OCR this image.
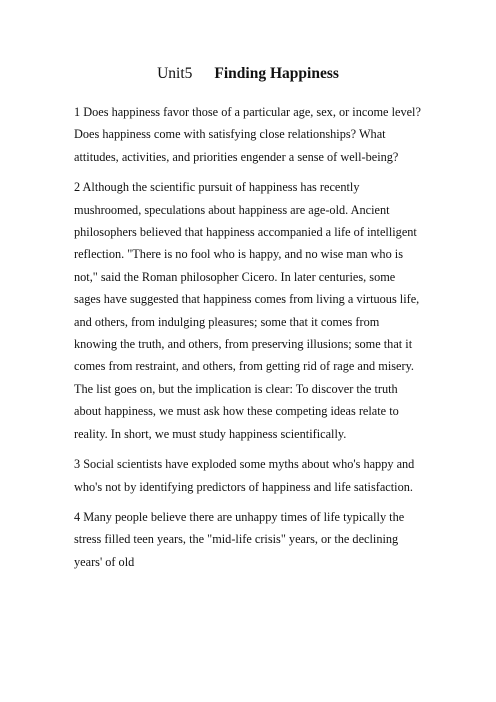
Unit5 Finding Happiness

1 Does happiness favor those of a particular age, sex, or income level? Does happiness come with satisfying close relationships? What attitudes, activities, and priorities engender a sense of well-being?

2 Although the scientific pursuit of happiness has recently mushroomed, speculations about happiness are age-old. Ancient philosophers believed that happiness accompanied a life of intelligent reflection. "There is no fool who is happy, and no wise man who is not," said the Roman philosopher Cicero. In later centuries, some sages have suggested that happiness comes from living a virtuous life, and others, from indulging pleasures; some that it comes from knowing the truth, and others, from preserving illusions; some that it comes from restraint, and others, from getting rid of rage and misery. The list goes on, but the implication is clear: To discover the truth about happiness, we must ask how these competing ideas relate to reality. In short, we must study happiness scientifically.

3 Social scientists have exploded some myths about who's happy and who's not by identifying predictors of happiness and life satisfaction.

4 Many people believe there are unhappy times of life typically the stress filled teen years, the "mid-life crisis" years, or the declining years' of old
